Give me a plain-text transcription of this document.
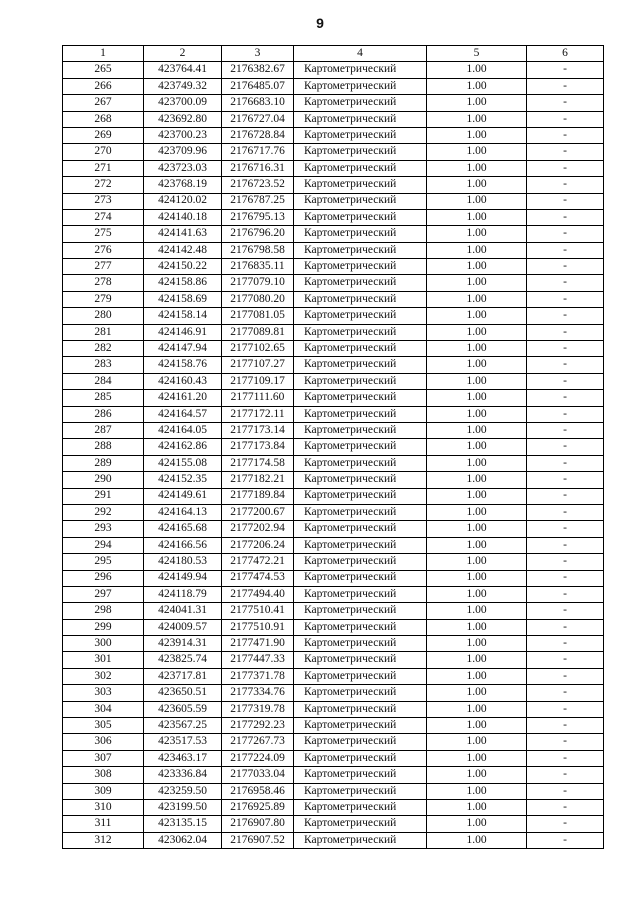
9
1	2	3	4	5	6
265	423764.41	2176382.67	Картометрический	1.00	-
266	423749.32	2176485.07	Картометрический	1.00	-
267	423700.09	2176683.10	Картометрический	1.00	-
268	423692.80	2176727.04	Картометрический	1.00	-
269	423700.23	2176728.84	Картометрический	1.00	-
270	423709.96	2176717.76	Картометрический	1.00	-
271	423723.03	2176716.31	Картометрический	1.00	-
272	423768.19	2176723.52	Картометрический	1.00	-
273	424120.02	2176787.25	Картометрический	1.00	-
274	424140.18	2176795.13	Картометрический	1.00	-
275	424141.63	2176796.20	Картометрический	1.00	-
276	424142.48	2176798.58	Картометрический	1.00	-
277	424150.22	2176835.11	Картометрический	1.00	-
278	424158.86	2177079.10	Картометрический	1.00	-
279	424158.69	2177080.20	Картометрический	1.00	-
280	424158.14	2177081.05	Картометрический	1.00	-
281	424146.91	2177089.81	Картометрический	1.00	-
282	424147.94	2177102.65	Картометрический	1.00	-
283	424158.76	2177107.27	Картометрический	1.00	-
284	424160.43	2177109.17	Картометрический	1.00	-
285	424161.20	2177111.60	Картометрический	1.00	-
286	424164.57	2177172.11	Картометрический	1.00	-
287	424164.05	2177173.14	Картометрический	1.00	-
288	424162.86	2177173.84	Картометрический	1.00	-
289	424155.08	2177174.58	Картометрический	1.00	-
290	424152.35	2177182.21	Картометрический	1.00	-
291	424149.61	2177189.84	Картометрический	1.00	-
292	424164.13	2177200.67	Картометрический	1.00	-
293	424165.68	2177202.94	Картометрический	1.00	-
294	424166.56	2177206.24	Картометрический	1.00	-
295	424180.53	2177472.21	Картометрический	1.00	-
296	424149.94	2177474.53	Картометрический	1.00	-
297	424118.79	2177494.40	Картометрический	1.00	-
298	424041.31	2177510.41	Картометрический	1.00	-
299	424009.57	2177510.91	Картометрический	1.00	-
300	423914.31	2177471.90	Картометрический	1.00	-
301	423825.74	2177447.33	Картометрический	1.00	-
302	423717.81	2177371.78	Картометрический	1.00	-
303	423650.51	2177334.76	Картометрический	1.00	-
304	423605.59	2177319.78	Картометрический	1.00	-
305	423567.25	2177292.23	Картометрический	1.00	-
306	423517.53	2177267.73	Картометрический	1.00	-
307	423463.17	2177224.09	Картометрический	1.00	-
308	423336.84	2177033.04	Картометрический	1.00	-
309	423259.50	2176958.46	Картометрический	1.00	-
310	423199.50	2176925.89	Картометрический	1.00	-
311	423135.15	2176907.80	Картометрический	1.00	-
312	423062.04	2176907.52	Картометрический	1.00	-
